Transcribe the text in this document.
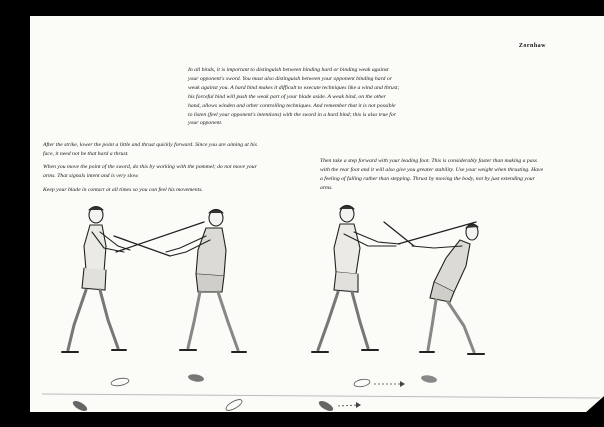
Zornhaw

In all binds, it is important to distinguish between binding hard or binding weak against your opponent's sword. You must also distinguish between your opponent binding hard or weak against you. A hard bind makes it difficult to execute techniques like a wind and thrust; his forceful bind will push the weak part of your blade aside. A weak bind, on the other hand, allows winden and other controlling techniques. And remember that it is not possible to listen (feel your opponent's intentions) with the sword in a hard bind; this is also true for your opponent.

After the strike, lower the point a little and thrust quickly forward. Since you are aiming at his face, it need not be that hard a thrust.

When you move the point of the sword, do this by working with the pommel; do not move your arms. That signals intent and is very slow.

Keep your blade in contact at all times so you can feel his movements.

Then take a step forward with your leading foot. This is considerably faster than making a pass with the rear foot and it will also give you greater stability. Use your weight when thrusting. Have a feeling of falling rather than stepping. Thrust by moving the body, not by just extending your arms.
